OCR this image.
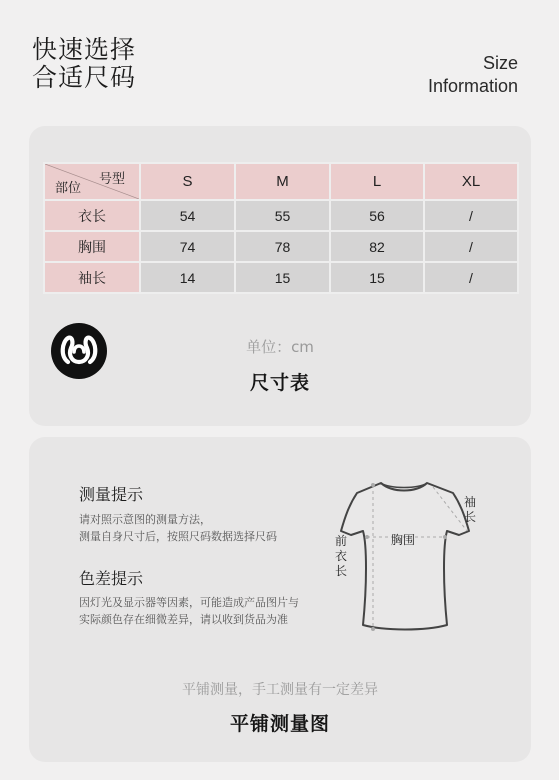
快速选择
合适尺码	Size
Information
号型
部位	S	M	L	XL
衣长	54	55	56	/
胸围	74	78	82	/
袖长	14	15	15	/
单位：cm
尺寸表
测量提示
请对照示意图的测量方法，
测量自身尺寸后，按照尺码数据选择尺码
色差提示
因灯光及显示器等因素，可能造成产品图片与
实际颜色存在细微差异，请以收到货品为准
前衣长
胸围
袖长
平铺测量，手工测量有一定差异
平铺测量图
